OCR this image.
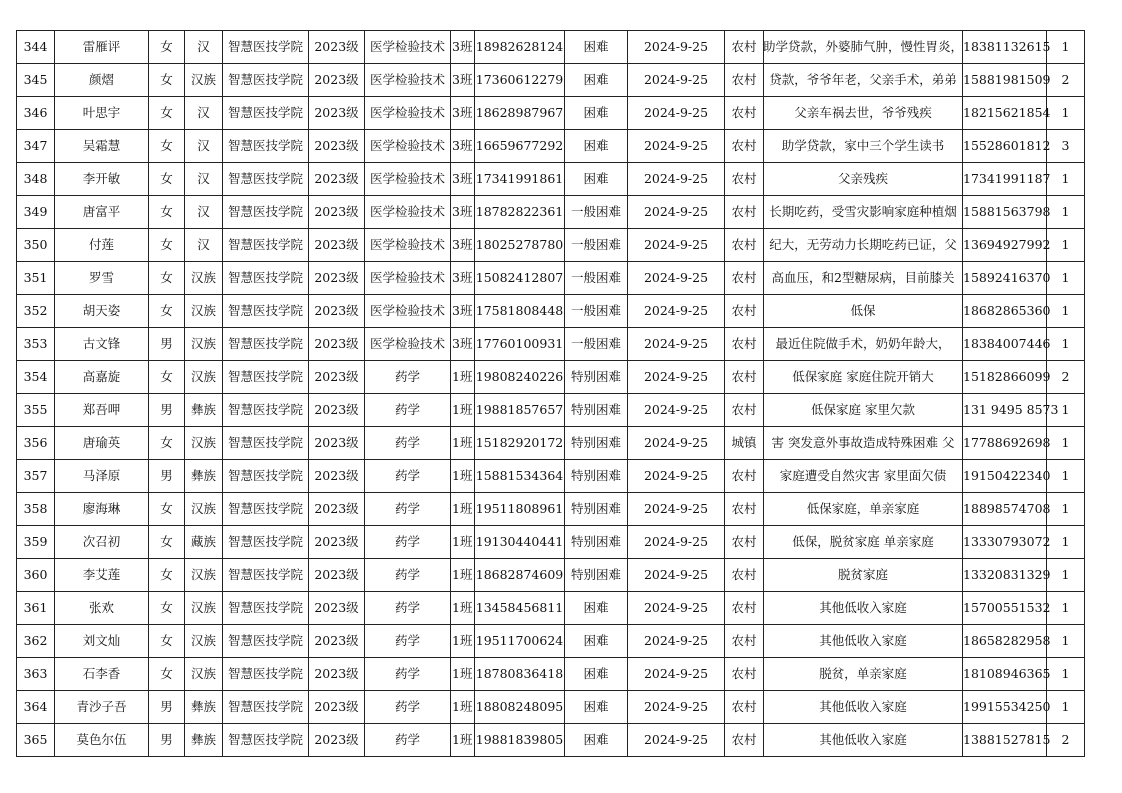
344	雷雁评	女	汉	智慧医技学院	2023级	医学检验技术	3班	18982628124	困难	2024-9-25	农村	助学贷款，外婆肺气肿，慢性胃炎，	18381132615	1
345	颜熠	女	汉族	智慧医技学院	2023级	医学检验技术	3班	17360612279	困难	2024-9-25	农村	贷款，爷爷年老，父亲手术，弟弟	15881981509	2
346	叶思宇	女	汉	智慧医技学院	2023级	医学检验技术	3班	18628987967	困难	2024-9-25	农村	父亲车祸去世，爷爷残疾	18215621854	1
347	吴霜慧	女	汉	智慧医技学院	2023级	医学检验技术	3班	16659677292	困难	2024-9-25	农村	助学贷款，家中三个学生读书	15528601812	3
348	李开敏	女	汉	智慧医技学院	2023级	医学检验技术	3班	17341991861	困难	2024-9-25	农村	父亲残疾	17341991187	1
349	唐富平	女	汉	智慧医技学院	2023级	医学检验技术	3班	18782822361	一般困难	2024-9-25	农村	长期吃药，受雪灾影响家庭种植烟	15881563798	1
350	付莲	女	汉	智慧医技学院	2023级	医学检验技术	3班	18025278780	一般困难	2024-9-25	农村	纪大，无劳动力长期吃药已证，父	13694927992	1
351	罗雪	女	汉族	智慧医技学院	2023级	医学检验技术	3班	15082412807	一般困难	2024-9-25	农村	高血压，和2型糖尿病，目前膝关	15892416370	1
352	胡天姿	女	汉族	智慧医技学院	2023级	医学检验技术	3班	17581808448	一般困难	2024-9-25	农村	低保	18682865360	1
353	古文锋	男	汉族	智慧医技学院	2023级	医学检验技术	3班	17760100931	一般困难	2024-9-25	农村	最近住院做手术，奶奶年龄大，	18384007446	1
354	高嘉旋	女	汉族	智慧医技学院	2023级	药学	1班	19808240226	特别困难	2024-9-25	农村	低保家庭 家庭住院开销大	15182866099	2
355	郑吾呷	男	彝族	智慧医技学院	2023级	药学	1班	19881857657	特别困难	2024-9-25	农村	低保家庭 家里欠款	131 9495 8573	1
356	唐瑜英	女	汉族	智慧医技学院	2023级	药学	1班	15182920172	特别困难	2024-9-25	城镇	害 突发意外事故造成特殊困难 父	17788692698	1
357	马泽原	男	彝族	智慧医技学院	2023级	药学	1班	15881534364	特别困难	2024-9-25	农村	家庭遭受自然灾害 家里面欠债	19150422340	1
358	廖海琳	女	汉族	智慧医技学院	2023级	药学	1班	19511808961	特别困难	2024-9-25	农村	低保家庭，单亲家庭	18898574708	1
359	次召初	女	藏族	智慧医技学院	2023级	药学	1班	19130440441	特别困难	2024-9-25	农村	低保，脱贫家庭 单亲家庭	13330793072	1
360	李艾莲	女	汉族	智慧医技学院	2023级	药学	1班	18682874609	特别困难	2024-9-25	农村	脱贫家庭	13320831329	1
361	张欢	女	汉族	智慧医技学院	2023级	药学	1班	13458456811	困难	2024-9-25	农村	其他低收入家庭	15700551532	1
362	刘文灿	女	汉族	智慧医技学院	2023级	药学	1班	19511700624	困难	2024-9-25	农村	其他低收入家庭	18658282958	1
363	石李香	女	汉族	智慧医技学院	2023级	药学	1班	18780836418	困难	2024-9-25	农村	脱贫，单亲家庭	18108946365	1
364	青沙子吾	男	彝族	智慧医技学院	2023级	药学	1班	18808248095	困难	2024-9-25	农村	其他低收入家庭	19915534250	1
365	莫色尔伍	男	彝族	智慧医技学院	2023级	药学	1班	19881839805	困难	2024-9-25	农村	其他低收入家庭	13881527815	2
